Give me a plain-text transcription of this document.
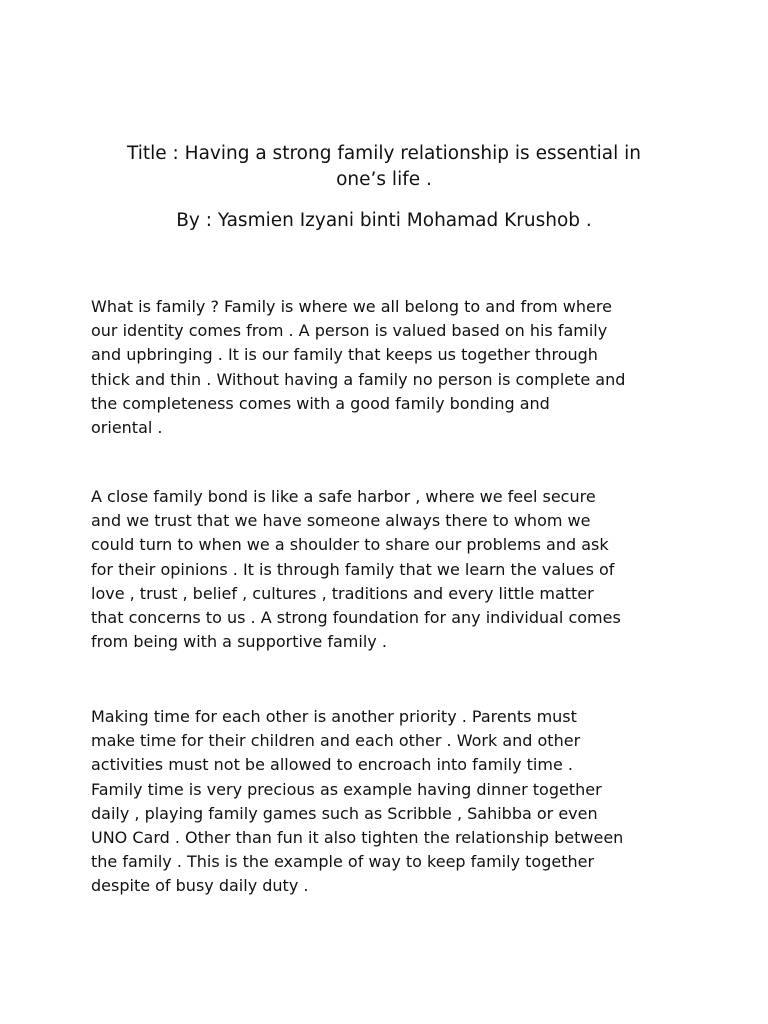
Title : Having a strong family relationship is essential in
one’s life .

By : Yasmien Izyani binti Mohamad Krushob .

What is family ? Family is where we all belong to and from where
our identity comes from . A person is valued based on his family
and upbringing . It is our family that keeps us together through
thick and thin . Without having a family no person is complete and
the completeness comes with a good family bonding and
oriental .

A close family bond is like a safe harbor , where we feel secure
and we trust that we have someone always there to whom we
could turn to when we a shoulder to share our problems and ask
for their opinions . It is through family that we learn the values of
love , trust , belief , cultures , traditions and every little matter
that concerns to us . A strong foundation for any individual comes
from being with a supportive family .

Making time for each other is another priority . Parents must
make time for their children and each other . Work and other
activities must not be allowed to encroach into family time .
Family time is very precious as example having dinner together
daily , playing family games such as Scribble , Sahibba or even
UNO Card . Other than fun it also tighten the relationship between
the family . This is the example of way to keep family together
despite of busy daily duty .
